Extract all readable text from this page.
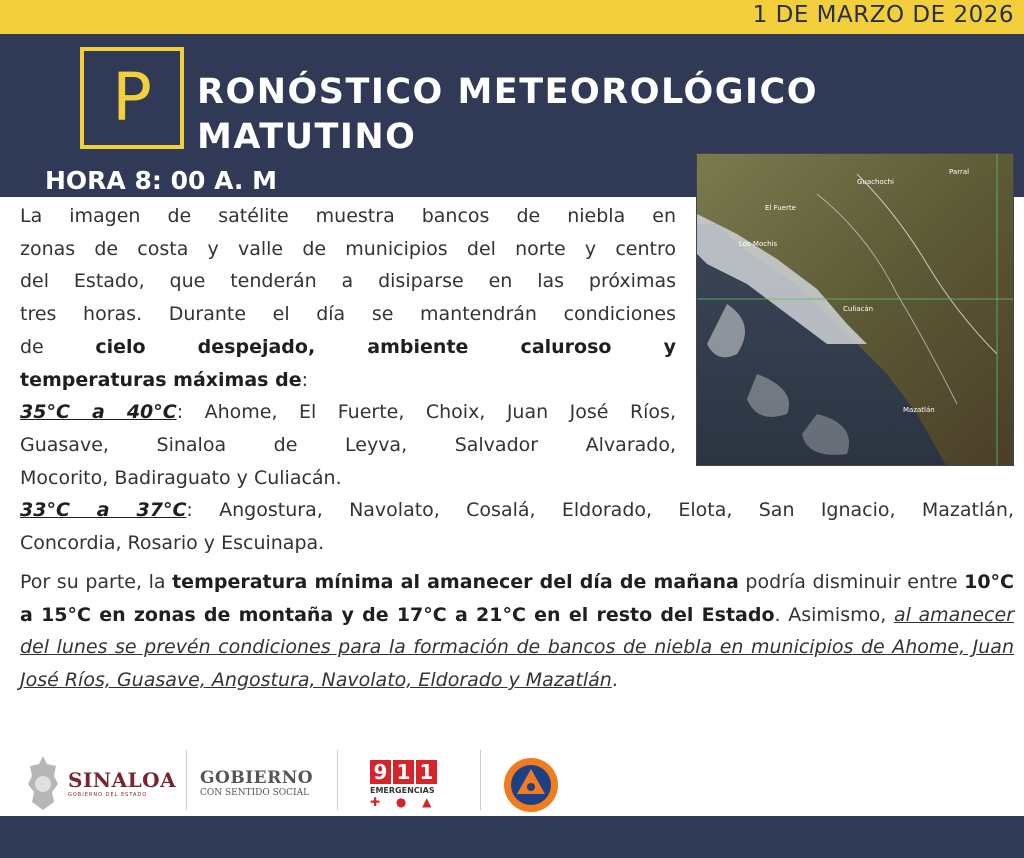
1 DE MARZO DE 2026
P	RONÓSTICO METEOROLÓGICO
MATUTINO
HORA 8: 00 A. M	Guachochi
Parral
El Fuerte
Los Mochis
Culiacán
Mazatlán
La imagen de satélite muestra bancos de niebla en
zonas de costa y valle de municipios del norte y centro
del Estado, que tenderán a disiparse en las próximas
tres horas. Durante el día se mantendrán condiciones
de cielo despejado, ambiente caluroso y
temperaturas máximas de:
35°C a 40°C: Ahome, El Fuerte, Choix, Juan José Ríos,
Guasave, Sinaloa de Leyva, Salvador Alvarado,
Mocorito, Badiraguato y Culiacán.
33°C a 37°C: Angostura, Navolato, Cosalá, Eldorado, Elota, San Ignacio, Mazatlán,
Concordia, Rosario y Escuinapa.
Por su parte, la temperatura mínima al amanecer del día de mañana podría disminuir entre 10°C a 15°C en zonas de montaña y de 17°C a 21°C en el resto del Estado. Asimismo, al amanecer del lunes se prevén condiciones para la formación de bancos de niebla en municipios de Ahome, Juan José Ríos, Guasave, Angostura, Navolato, Eldorado y Mazatlán.
SINALOA
GOBIERNO DEL ESTADO
GOBIERNO
CON SENTIDO SOCIAL
9 1 1
EMERGENCIAS
✚ ● ▲
